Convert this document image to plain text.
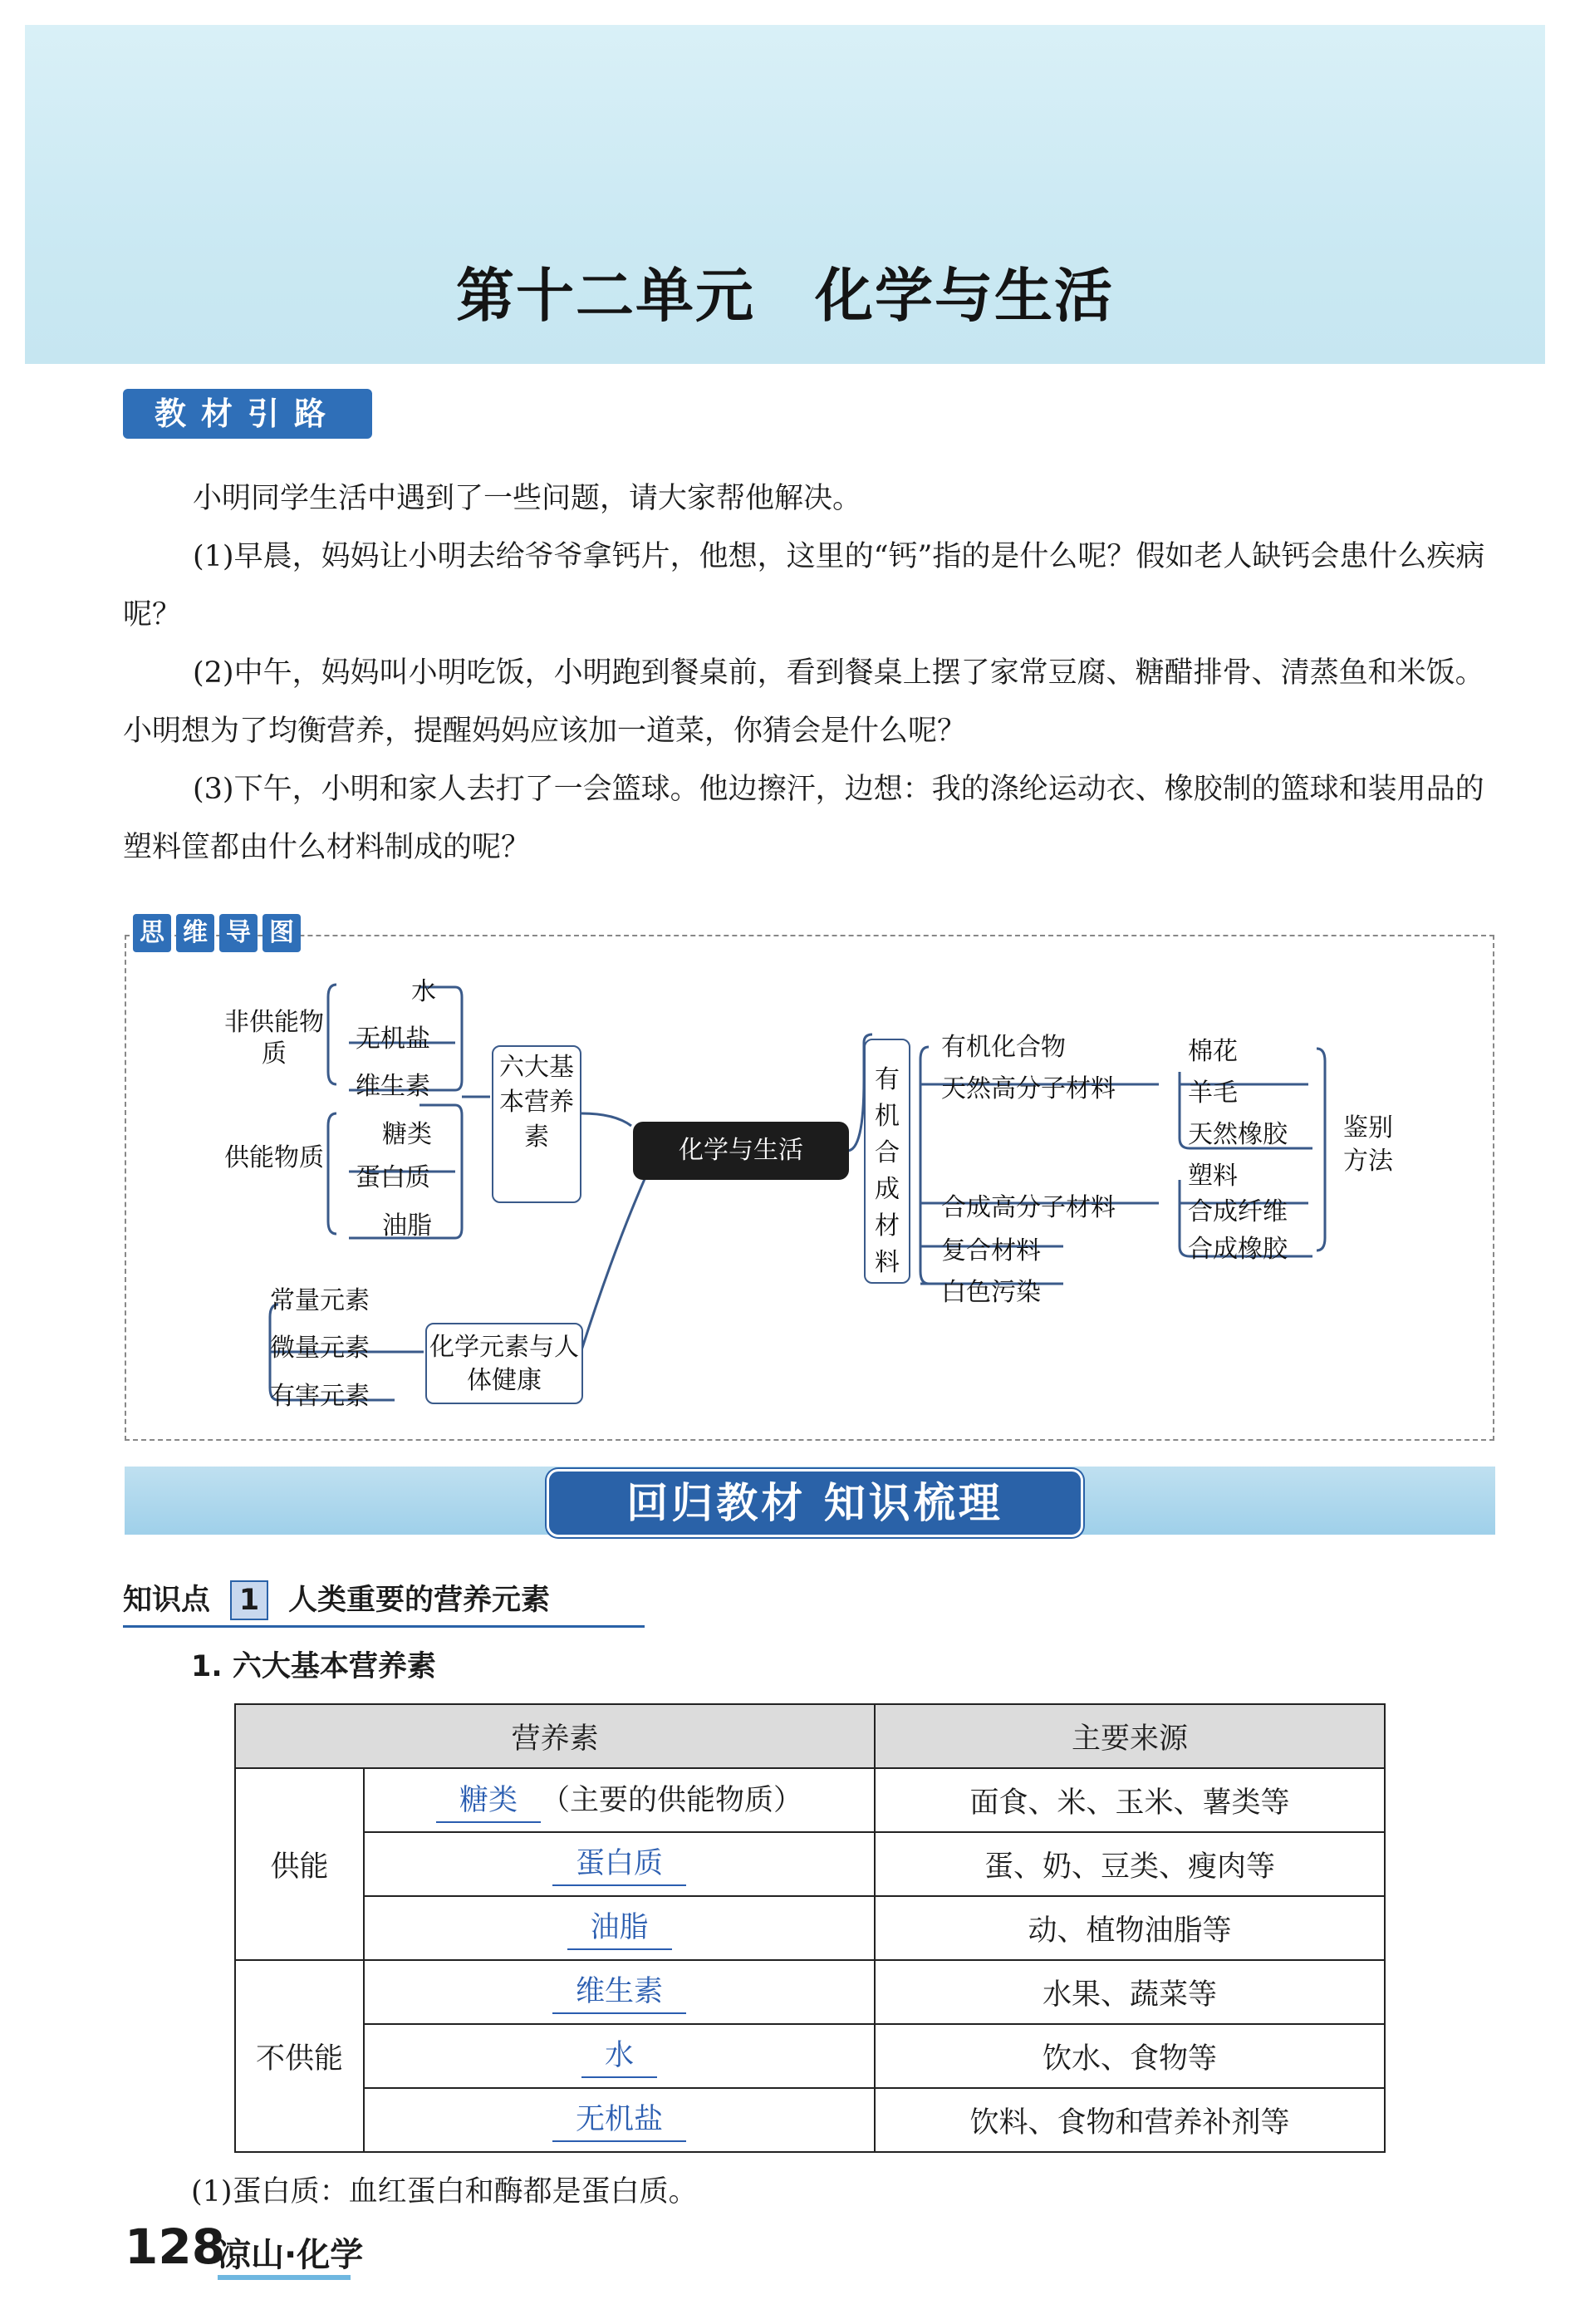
第十二单元　化学与生活
教材引路

小明同学生活中遇到了一些问题，请大家帮他解决。

(1)早晨，妈妈让小明去给爷爷拿钙片，他想，这里的“钙”指的是什么呢？假如老人缺钙会患什么疾病呢？

(2)中午，妈妈叫小明吃饭，小明跑到餐桌前，看到餐桌上摆了家常豆腐、糖醋排骨、清蒸鱼和米饭。小明想为了均衡营养，提醒妈妈应该加一道菜，你猜会是什么呢？

(3)下午，小明和家人去打了一会篮球。他边擦汗，边想：我的涤纶运动衣、橡胶制的篮球和装用品的塑料筐都由什么材料制成的呢？

思 维 导 图
非供能物质
供能物质
水
无机盐
维生素
糖类
蛋白质
油脂
六大基本营养素	化学与生活
常量元素
微量元素
有害元素
化学元素与人体健康
有机合成材料
有机化合物
天然高分子材料
合成高分子材料
复合材料
白色污染
棉花
羊毛
天然橡胶
塑料
合成纤维
合成橡胶
鉴别方法
回归教材 知识梳理
知识点 1 人类重要的营养元素
1. 六大基本营养素
营养素		主要来源
供能	糖类 （主要的供能物质）	面食、米、玉米、薯类等
	蛋白质	蛋、奶、豆类、瘦肉等
	油脂	动、植物油脂等
不供能	维生素	水果、蔬菜等
	水	饮水、食物等
	无机盐	饮料、食物和营养补剂等
(1)蛋白质：血红蛋白和酶都是蛋白质。
128
凉山·化学
